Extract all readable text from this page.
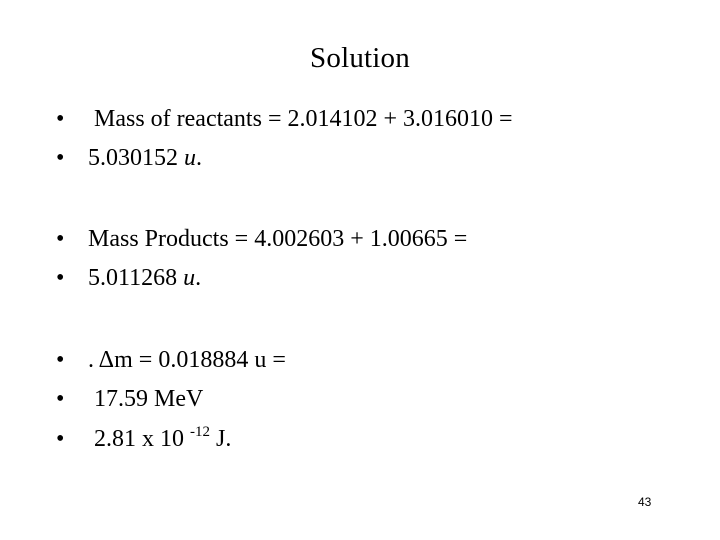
Solution
• Mass of reactants = 2.014102 + 3.016010 =
• 5.030152 u.
• Mass Products = 4.002603 + 1.00665 =
• 5.011268 u.
• . Δm = 0.018884 u =
• 17.59 MeV
• 2.81 x 10 $^{-12}$ J.
43
